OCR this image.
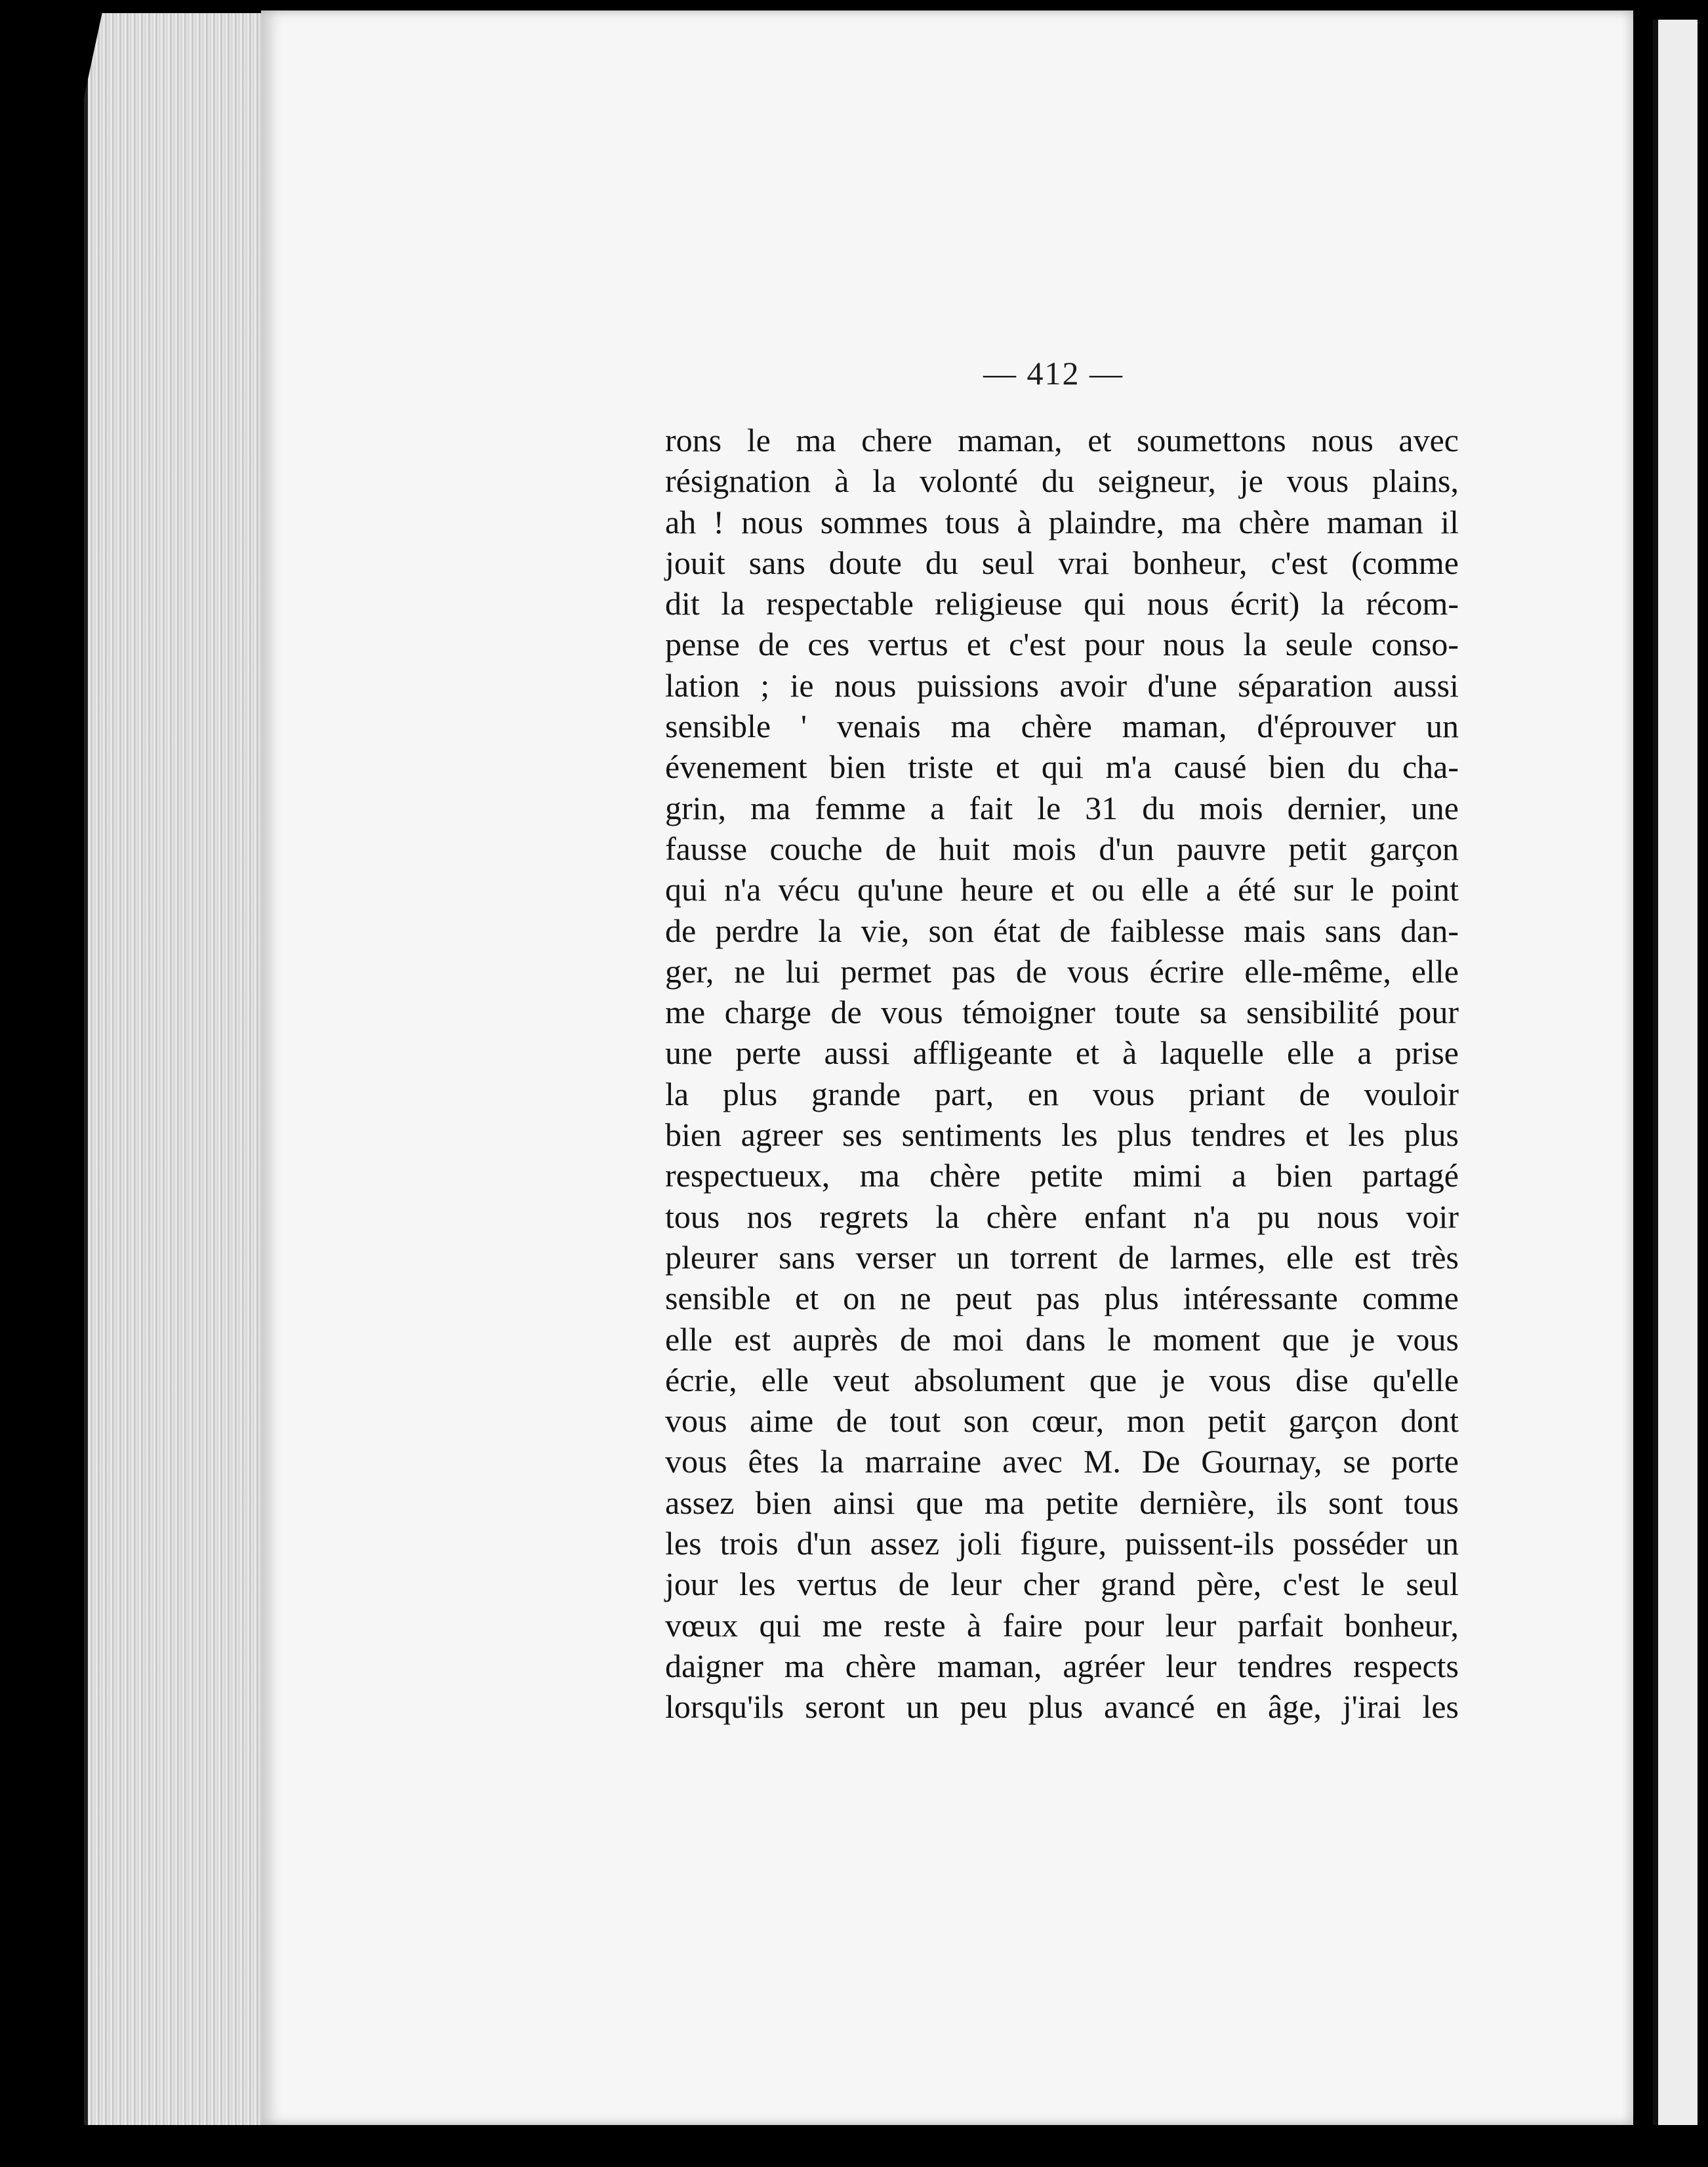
— 412 —
rons le ma chere maman, et soumettons nous avec
résignation à la volonté du seigneur, je vous plains,
ah ! nous sommes tous à plaindre, ma chère maman il
jouit sans doute du seul vrai bonheur, c'est (comme
dit la respectable religieuse qui nous écrit) la récom-
pense de ces vertus et c'est pour nous la seule conso-
lation ; ie nous puissions avoir d'une séparation aussi
sensible ' venais ma chère maman, d'éprouver un
évenement bien triste et qui m'a causé bien du cha-
grin, ma femme a fait le 31 du mois dernier, une
fausse couche de huit mois d'un pauvre petit garçon
qui n'a vécu qu'une heure et ou elle a été sur le point
de perdre la vie, son état de faiblesse mais sans dan-
ger, ne lui permet pas de vous écrire elle-même, elle
me charge de vous témoigner toute sa sensibilité pour
une perte aussi affligeante et à laquelle elle a prise
la plus grande part, en vous priant de vouloir
bien agreer ses sentiments les plus tendres et les plus
respectueux, ma chère petite mimi a bien partagé
tous nos regrets la chère enfant n'a pu nous voir
pleurer sans verser un torrent de larmes, elle est très
sensible et on ne peut pas plus intéressante comme
elle est auprès de moi dans le moment que je vous
écrie, elle veut absolument que je vous dise qu'elle
vous aime de tout son cœur, mon petit garçon dont
vous êtes la marraine avec M. De Gournay, se porte
assez bien ainsi que ma petite dernière, ils sont tous
les trois d'un assez joli figure, puissent-ils posséder un
jour les vertus de leur cher grand père, c'est le seul
vœux qui me reste à faire pour leur parfait bonheur,
daigner ma chère maman, agréer leur tendres respects
lorsqu'ils seront un peu plus avancé en âge, j'irai les
